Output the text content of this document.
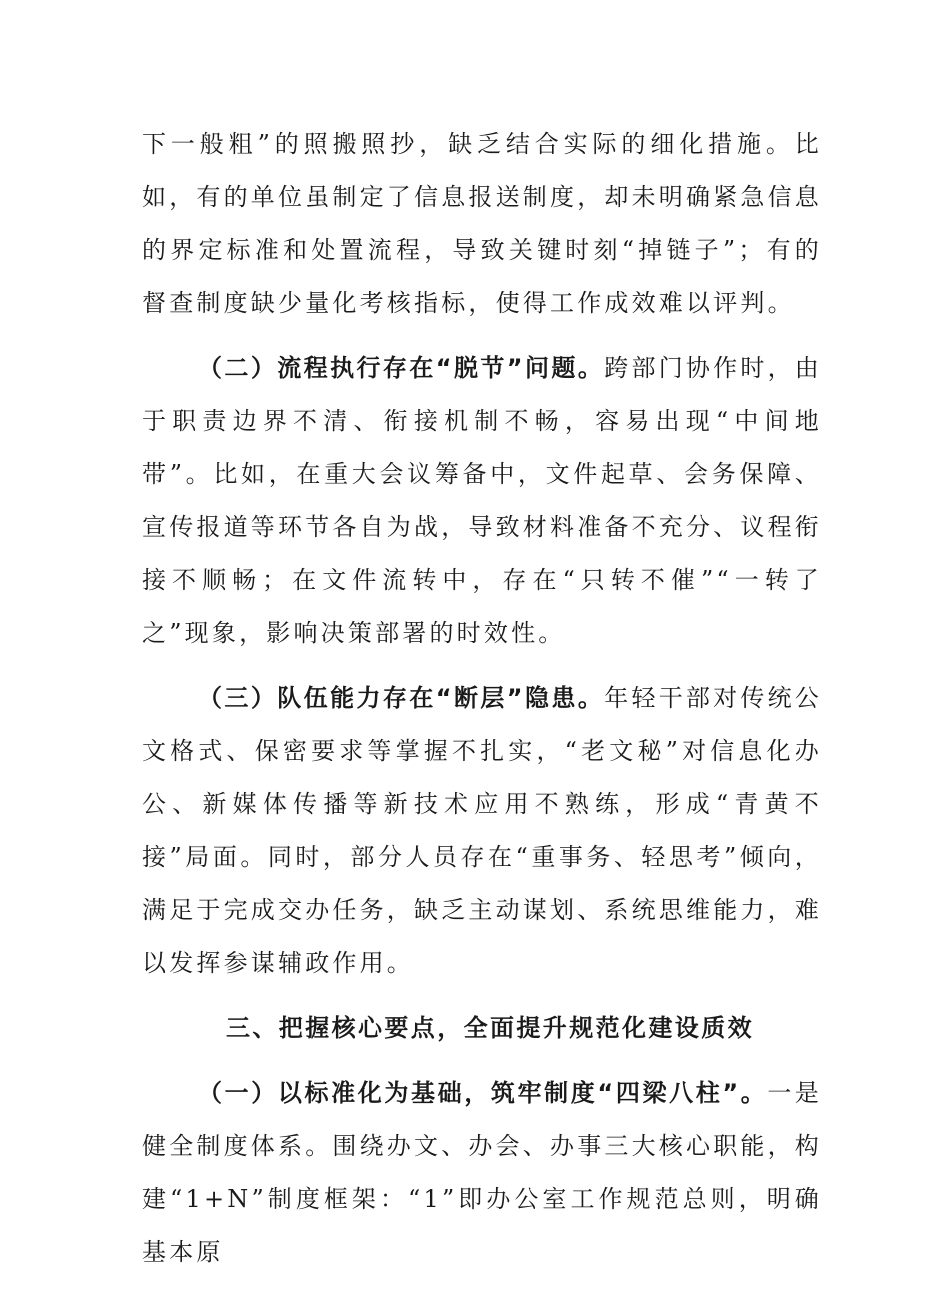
下一般粗”的照搬照抄，缺乏结合实际的细化措施。比如，有的单位虽制定了信息报送制度，却未明确紧急信息的界定标准和处置流程，导致关键时刻“掉链子”；有的督查制度缺少量化考核指标，使得工作成效难以评判。

（二）流程执行存在“脱节”问题。跨部门协作时，由于职责边界不清、衔接机制不畅，容易出现“中间地带”。比如，在重大会议筹备中，文件起草、会务保障、宣传报道等环节各自为战，导致材料准备不充分、议程衔接不顺畅；在文件流转中，存在“只转不催”“一转了之”现象，影响决策部署的时效性。

（三）队伍能力存在“断层”隐患。年轻干部对传统公文格式、保密要求等掌握不扎实，“老文秘”对信息化办公、新媒体传播等新技术应用不熟练，形成“青黄不接”局面。同时，部分人员存在“重事务、轻思考”倾向，满足于完成交办任务，缺乏主动谋划、系统思维能力，难以发挥参谋辅政作用。

三、把握核心要点，全面提升规范化建设质效

（一）以标准化为基础，筑牢制度“四梁八柱”。一是健全制度体系。围绕办文、办会、办事三大核心职能，构建“1+N”制度框架：“1”即办公室工作规范总则，明确基本原
